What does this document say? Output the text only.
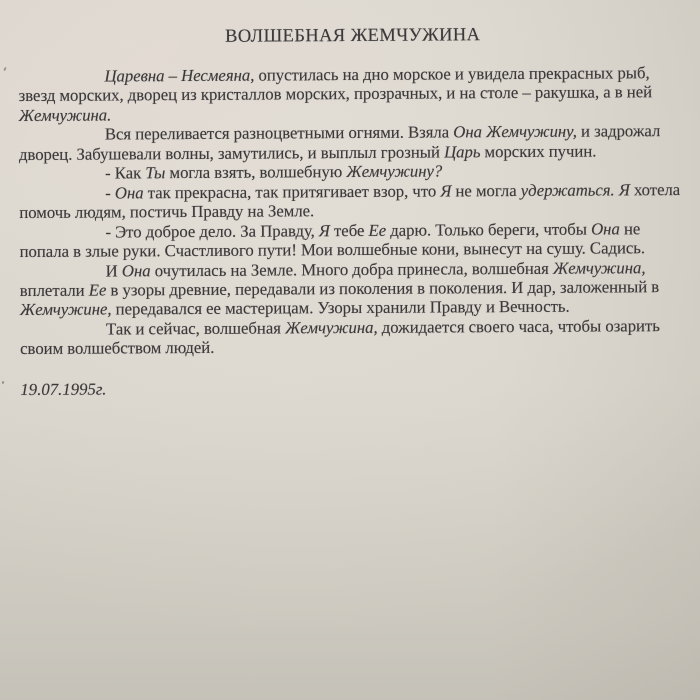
ВОЛШЕБНАЯ ЖЕМЧУЖИНА

Царевна – Несмеяна, опустилась на дно морское и увидела прекрасных рыб, звезд морских, дворец из кристаллов морских, прозрачных, и на столе – ракушка, а в ней Жемчужина.

Вся переливается разноцветными огнями. Взяла Она Жемчужину, и задрожал дворец. Забушевали волны, замутились, и выплыл грозный Царь морских пучин.

- Как Ты могла взять, волшебную Жемчужину?

- Она так прекрасна, так притягивает взор, что Я не могла удержаться. Я хотела помочь людям, постичь Правду на Земле.

- Это доброе дело. За Правду, Я тебе Ее дарю. Только береги, чтобы Она не попала в злые руки. Счастливого пути! Мои волшебные кони, вынесут на сушу. Садись.

И Она очутилась на Земле. Много добра принесла, волшебная Жемчужина, вплетали Ее в узоры древние, передавали из поколения в поколения. И дар, заложенный в Жемчужине, передавался ее мастерицам. Узоры хранили Правду и Вечность.

Так и сейчас, волшебная Жемчужина, дожидается своего часа, чтобы озарить своим волшебством людей.

19.07.1995г.
